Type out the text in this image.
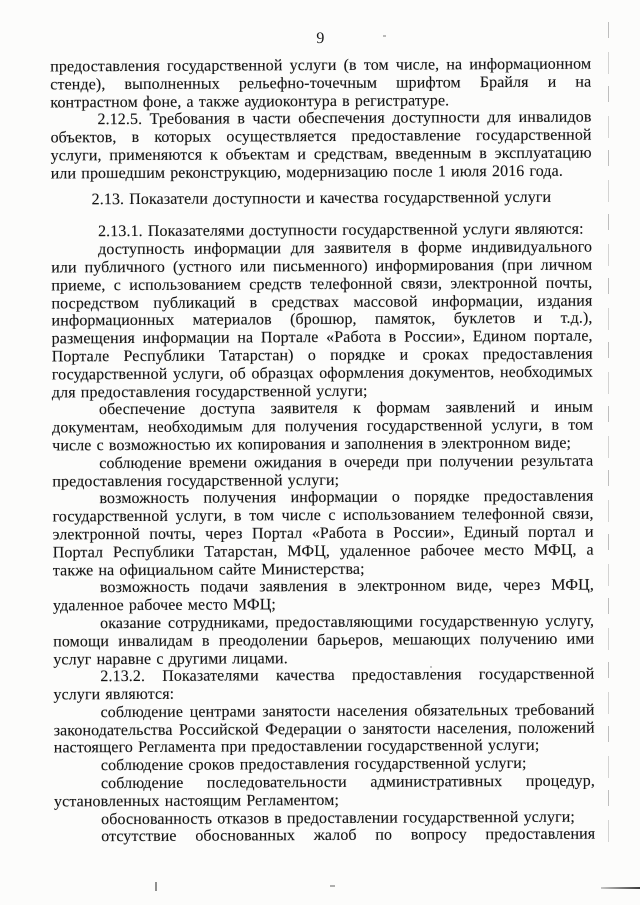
9

предоставления государственной услуги (в том числе, на информационном стенде), выполненных рельефно-точечным шрифтом Брайля и на контрастном фоне, а также аудиоконтура в регистратуре.

2.12.5. Требования в части обеспечения доступности для инвалидов объектов, в которых осуществляется предоставление государственной услуги, применяются к объектам и средствам, введенным в эксплуатацию или прошедшим реконструкцию, модернизацию после 1 июля 2016 года.

2.13. Показатели доступности и качества государственной услуги

2.13.1. Показателями доступности государственной услуги являются:

доступность информации для заявителя в форме индивидуального или публичного (устного или письменного) информирования (при личном приеме, с использованием средств телефонной связи, электронной почты, посредством публикаций в средствах массовой информации, издания информационных материалов (брошюр, памяток, буклетов и т.д.), размещения информации на Портале «Работа в России», Едином портале, Портале Республики Татарстан) о порядке и сроках предоставления государственной услуги, об образцах оформления документов, необходимых для предоставления государственной услуги;

обеспечение доступа заявителя к формам заявлений и иным документам, необходимым для получения государственной услуги, в том числе с возможностью их копирования и заполнения в электронном виде;

соблюдение времени ожидания в очереди при получении результата предоставления государственной услуги;

возможность получения информации о порядке предоставления государственной услуги, в том числе с использованием телефонной связи, электронной почты, через Портал «Работа в России», Единый портал и Портал Республики Татарстан, МФЦ, удаленное рабочее место МФЦ, а также на официальном сайте Министерства;

возможность подачи заявления в электронном виде, через МФЦ, удаленное рабочее место МФЦ;

оказание сотрудниками, предоставляющими государственную услугу, помощи инвалидам в преодолении барьеров, мешающих получению ими услуг наравне с другими лицами.

2.13.2. Показателями качества предоставления государственной услуги являются:

соблюдение центрами занятости населения обязательных требований законодательства Российской Федерации о занятости населения, положений настоящего Регламента при предоставлении государственной услуги;

соблюдение сроков предоставления государственной услуги;

соблюдение последовательности административных процедур, установленных настоящим Регламентом;

обоснованность отказов в предоставлении государственной услуги;

отсутствие обоснованных жалоб по вопросу предоставления
